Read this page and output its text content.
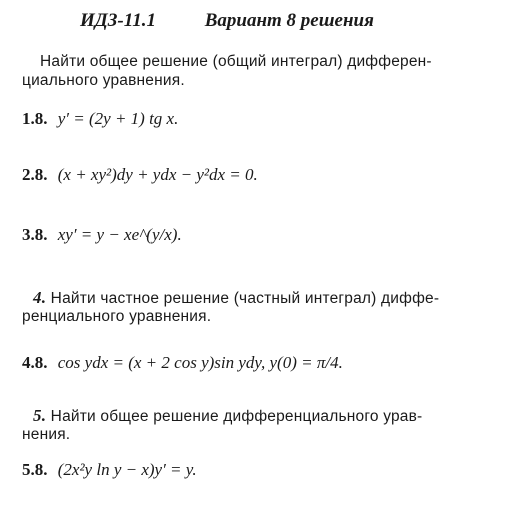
ИДЗ-11.1	Вариант 8 решения
Найти общее решение (общий интеграл) дифферен-
циального уравнения.
1.8. y′ = (2y + 1) tg x.
2.8. (x + xy²)dy + ydx − y²dx = 0.
3.8. xy′ = y − xe^(y/x).
4. Найти частное решение (частный интеграл) диффе-
ренциального уравнения.
4.8. cos ydx = (x + 2 cos y)sin ydy, y(0) = π/4.
5. Найти общее решение дифференциального урав-
нения.
5.8. (2x²y ln y − x)y′ = y.
